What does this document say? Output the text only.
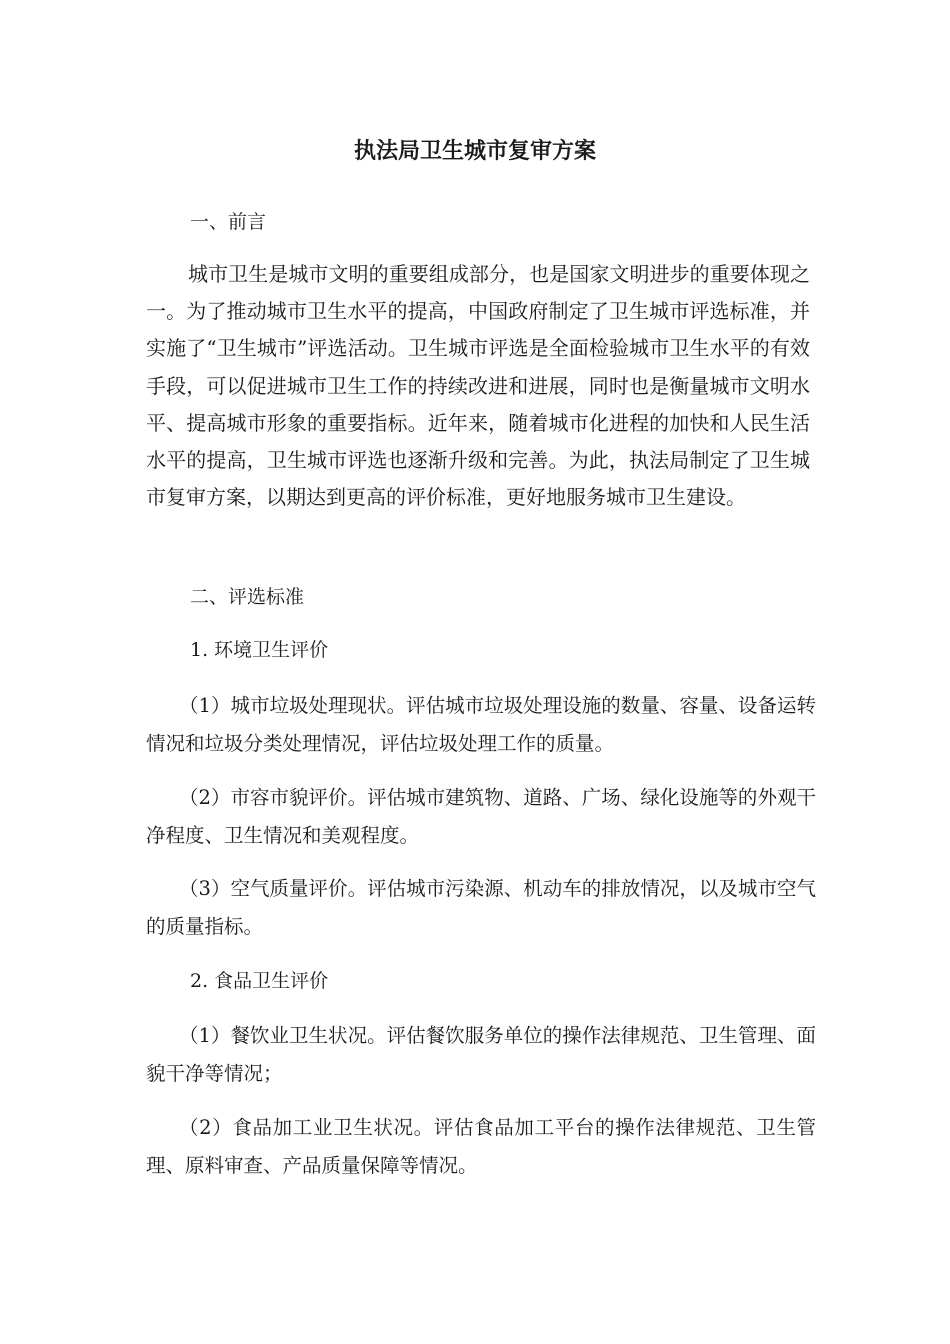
执法局卫生城市复审方案
一、前言
城市卫生是城市文明的重要组成部分，也是国家文明进步的重要体现之一。为了推动城市卫生水平的提高，中国政府制定了卫生城市评选标准，并实施了“卫生城市”评选活动。卫生城市评选是全面检验城市卫生水平的有效手段，可以促进城市卫生工作的持续改进和进展，同时也是衡量城市文明水平、提高城市形象的重要指标。近年来，随着城市化进程的加快和人民生活水平的提高，卫生城市评选也逐渐升级和完善。为此，执法局制定了卫生城市复审方案，以期达到更高的评价标准，更好地服务城市卫生建设。
二、评选标准
1. 环境卫生评价
（1）城市垃圾处理现状。评估城市垃圾处理设施的数量、容量、设备运转情况和垃圾分类处理情况，评估垃圾处理工作的质量。
（2）市容市貌评价。评估城市建筑物、道路、广场、绿化设施等的外观干净程度、卫生情况和美观程度。
（3）空气质量评价。评估城市污染源、机动车的排放情况，以及城市空气的质量指标。
2. 食品卫生评价
（1）餐饮业卫生状况。评估餐饮服务单位的操作法律规范、卫生管理、面貌干净等情况；
（2）食品加工业卫生状况。评估食品加工平台的操作法律规范、卫生管理、原料审查、产品质量保障等情况。
